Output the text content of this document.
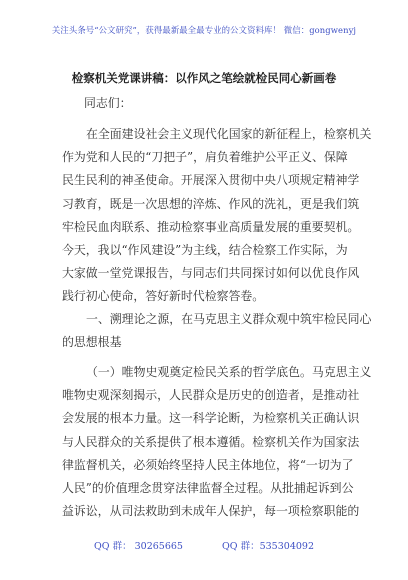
关注头条号“公文研究”，获得最新最全最专业的公文资料库！ 微信：gongwenyj
检察机关党课讲稿：以作风之笔绘就检民同心新画卷
同志们：
在全面建设社会主义现代化国家的新征程上，检察机关
作为党和人民的“刀把子”，肩负着维护公平正义、保障
民生民利的神圣使命。开展深入贯彻中央八项规定精神学
习教育，既是一次思想的淬炼、作风的洗礼，更是我们筑
牢检民血肉联系、推动检察事业高质量发展的重要契机。
今天，我以“作风建设”为主线，结合检察工作实际，为
大家做一堂党课报告，与同志们共同探讨如何以优良作风
践行初心使命，答好新时代检察答卷。
一、溯理论之源，在马克思主义群众观中筑牢检民同心
的思想根基
（一）唯物史观奠定检民关系的哲学底色。马克思主义
唯物史观深刻揭示，人民群众是历史的创造者，是推动社
会发展的根本力量。这一科学论断，为检察机关正确认识
与人民群众的关系提供了根本遵循。检察机关作为国家法
律监督机关，必须始终坚持人民主体地位，将“一切为了
人民”的价值理念贯穿法律监督全过程。从批捕起诉到公
益诉讼，从司法救助到未成年人保护，每一项检察职能的
QQ 群： 30265665	QQ 群：535304092
